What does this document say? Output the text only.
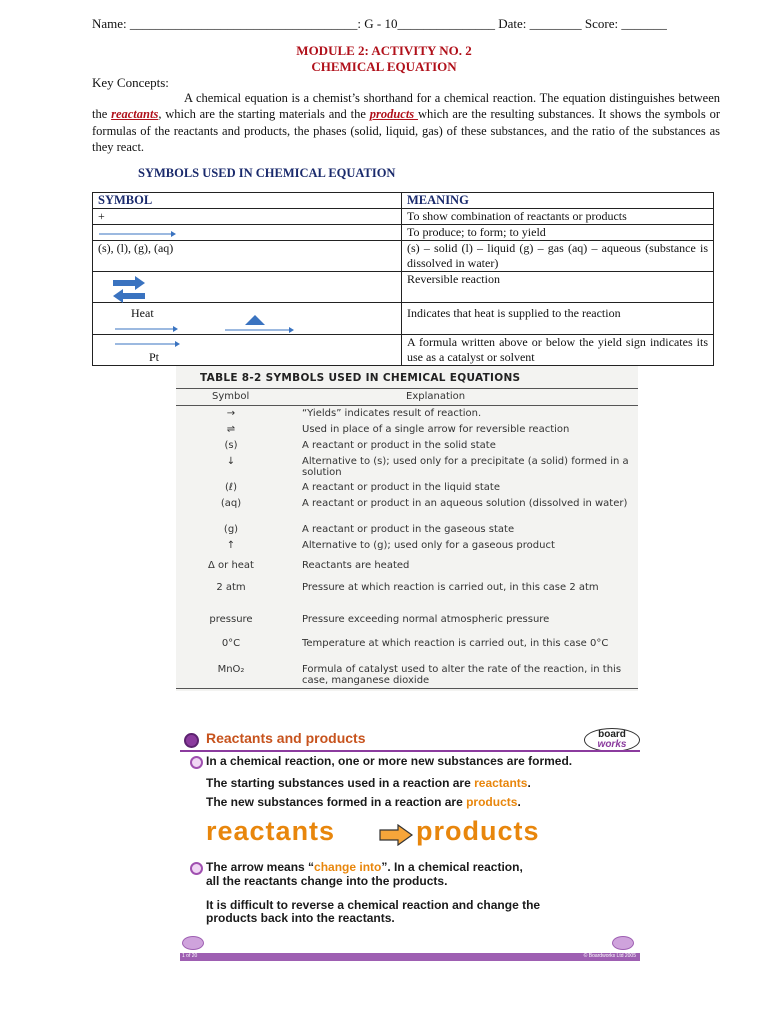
Name: ___________________________________: G - 10_______________ Date: ________ Score: _______
MODULE 2: ACTIVITY NO. 2
CHEMICAL EQUATION
Key Concepts:
A chemical equation is a chemist’s shorthand for a chemical reaction. The equation distinguishes between the reactants, which are the starting materials and the products which are the resulting substances. It shows the symbols or formulas of the reactants and products, the phases (solid, liquid, gas) of these substances, and the ratio of the substances as they react.
SYMBOLS USED IN CHEMICAL EQUATION
SYMBOL	MEANING
+	To show combination of reactants or products

	To produce; to form; to yield
(s), (l), (g), (aq)	(s) – solid (l) – liquid (g) – gas (aq) – aqueous (substance is dissolved in water)

	Reversible reaction

Heat	Indicates that heat is supplied to the reaction

Pt	A formula written above or below the yield sign indicates its use as a catalyst or solvent
TABLE 8-2 SYMBOLS USED IN CHEMICAL EQUATIONS
Symbol	Explanation
→	“Yields” indicates result of reaction.
⇌	Used in place of a single arrow for reversible reaction
(s)	A reactant or product in the solid state
↓	Alternative to (s); used only for a precipitate (a solid) formed in a solution
(ℓ)	A reactant or product in the liquid state
(aq)	A reactant or product in an aqueous solution (dissolved in water)
(g)	A reactant or product in the gaseous state
↑	Alternative to (g); used only for a gaseous product
Δ or heat	Reactants are heated
2 atm	Pressure at which reaction is carried out, in this case 2 atm
pressure	Pressure exceeding normal atmospheric pressure
0°C	Temperature at which reaction is carried out, in this case 0°C
MnO₂	Formula of catalyst used to alter the rate of the reaction, in this case, manganese dioxide
Reactants and products	board
works
In a chemical reaction, one or more new substances are formed.
The starting substances used in a reaction are reactants.
The new substances formed in a reaction are products.
reactants	products
The arrow means “change into”. In a chemical reaction,
all the reactants change into the products.
It is difficult to reverse a chemical reaction and change the
products back into the reactants.
1 of 20	© Boardworks Ltd 2005
